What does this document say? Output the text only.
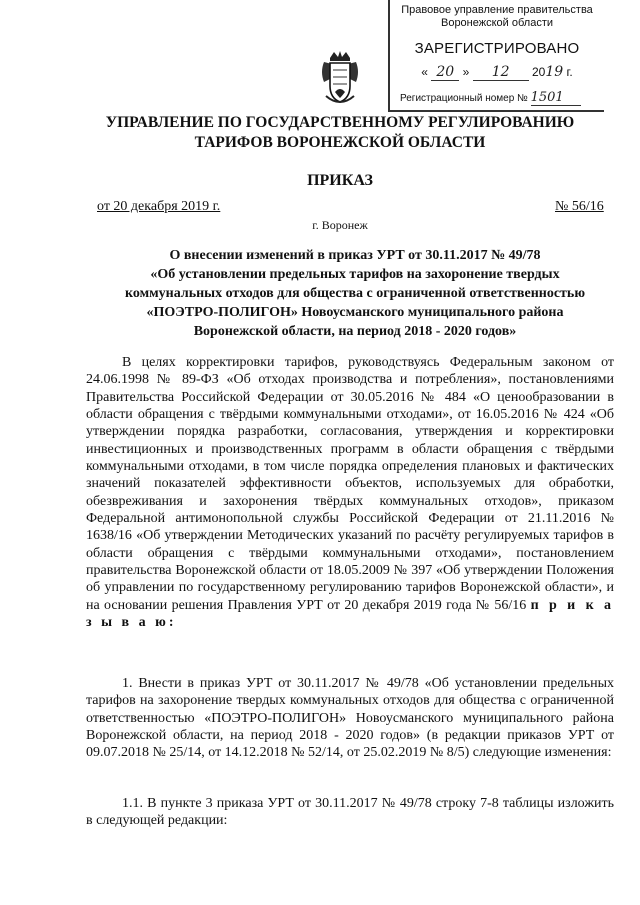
Правовое управление правительства
Воронежской области
ЗАРЕГИСТРИРОВАНО
« 20 » 12 2019 г.
Регистрационный номер № 1501
УПРАВЛЕНИЕ ПО ГОСУДАРСТВЕННОМУ РЕГУЛИРОВАНИЮ
ТАРИФОВ ВОРОНЕЖСКОЙ ОБЛАСТИ
ПРИКАЗ
от 20 декабря 2019 г.	№ 56/16
г. Воронеж
О внесении изменений в приказ УРТ от 30.11.2017 № 49/78
«Об установлении предельных тарифов на захоронение твердых
коммунальных отходов для общества с ограниченной ответственностью
«ПОЭТРО-ПОЛИГОН» Новоусманского муниципального района
Воронежской области, на период 2018 - 2020 годов»

В целях корректировки тарифов, руководствуясь Федеральным законом от 24.06.1998 № 89-ФЗ «Об отходах производства и потребления», постановлениями Правительства Российской Федерации от 30.05.2016 № 484 «О ценообразовании в области обращения с твёрдыми коммунальными отходами», от 16.05.2016 № 424 «Об утверждении порядка разработки, согласования, утверждения и корректировки инвестиционных и производственных программ в области обращения с твёрдыми коммунальными отходами, в том числе порядка определения плановых и фактических значений показателей эффективности объектов, используемых для обработки, обезвреживания и захоронения твёрдых коммунальных отходов», приказом Федеральной антимонопольной службы Российской Федерации от 21.11.2016 № 1638/16 «Об утверждении Методических указаний по расчёту регулируемых тарифов в области обращения с твёрдыми коммунальными отходами», постановлением правительства Воронежской области от 18.05.2009 № 397 «Об утверждении Положения об управлении по государственному регулированию тарифов Воронежской области», и на основании решения Правления УРТ от 20 декабря 2019 года № 56/16 п р и к а з ы в а ю:

1. Внести в приказ УРТ от 30.11.2017 № 49/78 «Об установлении предельных тарифов на захоронение твердых коммунальных отходов для общества с ограниченной ответственностью «ПОЭТРО-ПОЛИГОН» Новоусманского муниципального района Воронежской области, на период 2018 - 2020 годов» (в редакции приказов УРТ от 09.07.2018 № 25/14, от 14.12.2018 № 52/14, от 25.02.2019 № 8/5) следующие изменения:

1.1. В пункте 3 приказа УРТ от 30.11.2017 № 49/78 строку 7-8 таблицы изложить в следующей редакции:
